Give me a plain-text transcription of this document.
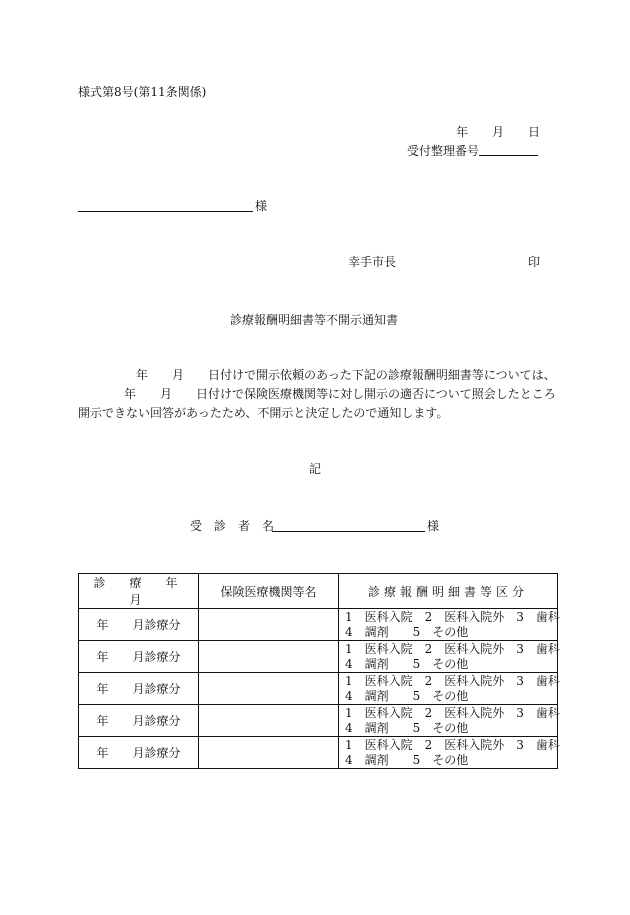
様式第8号(第11条関係)
年 月 日
受付整理番号
様
幸手市長	印
診療報酬明細書等不開示通知書
年　　月　　日付けで開示依頼のあった下記の診療報酬明細書等については、
年　　月　　日付けで保険医療機関等に対し開示の適否について照会したところ
開示できない回答があったため、不開示と決定したので通知します。
記
受　診　者　名	様
診　療　年　月	保険医療機関等名	診療報酬明細書等区分
年　　月診療分		1　医科入院　2　医科入院外　3　歯科
4　調剤　　5　その他

年　　月診療分		1　医科入院　2　医科入院外　3　歯科
4　調剤　　5　その他

年　　月診療分		1　医科入院　2　医科入院外　3　歯科
4　調剤　　5　その他

年　　月診療分		1　医科入院　2　医科入院外　3　歯科
4　調剤　　5　その他

年　　月診療分		1　医科入院　2　医科入院外　3　歯科
4　調剤　　5　その他
